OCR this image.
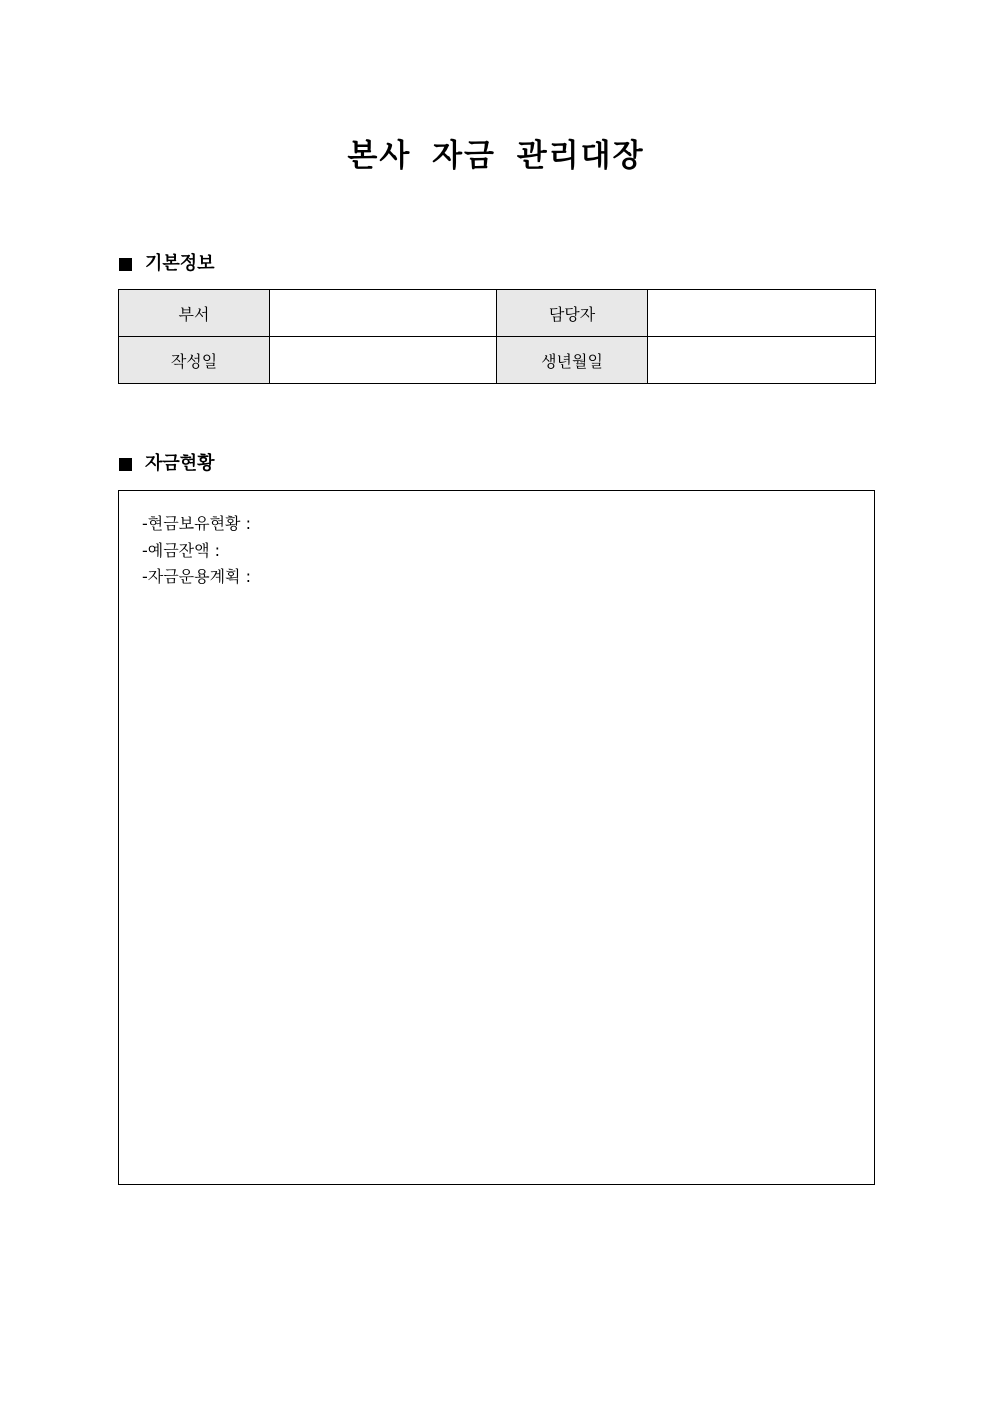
본사 자금 관리대장
기본정보
부서		담당자	
작성일		생년월일	
자금현황
-현금보유현황 :
-예금잔액 :
-자금운용계획 :
